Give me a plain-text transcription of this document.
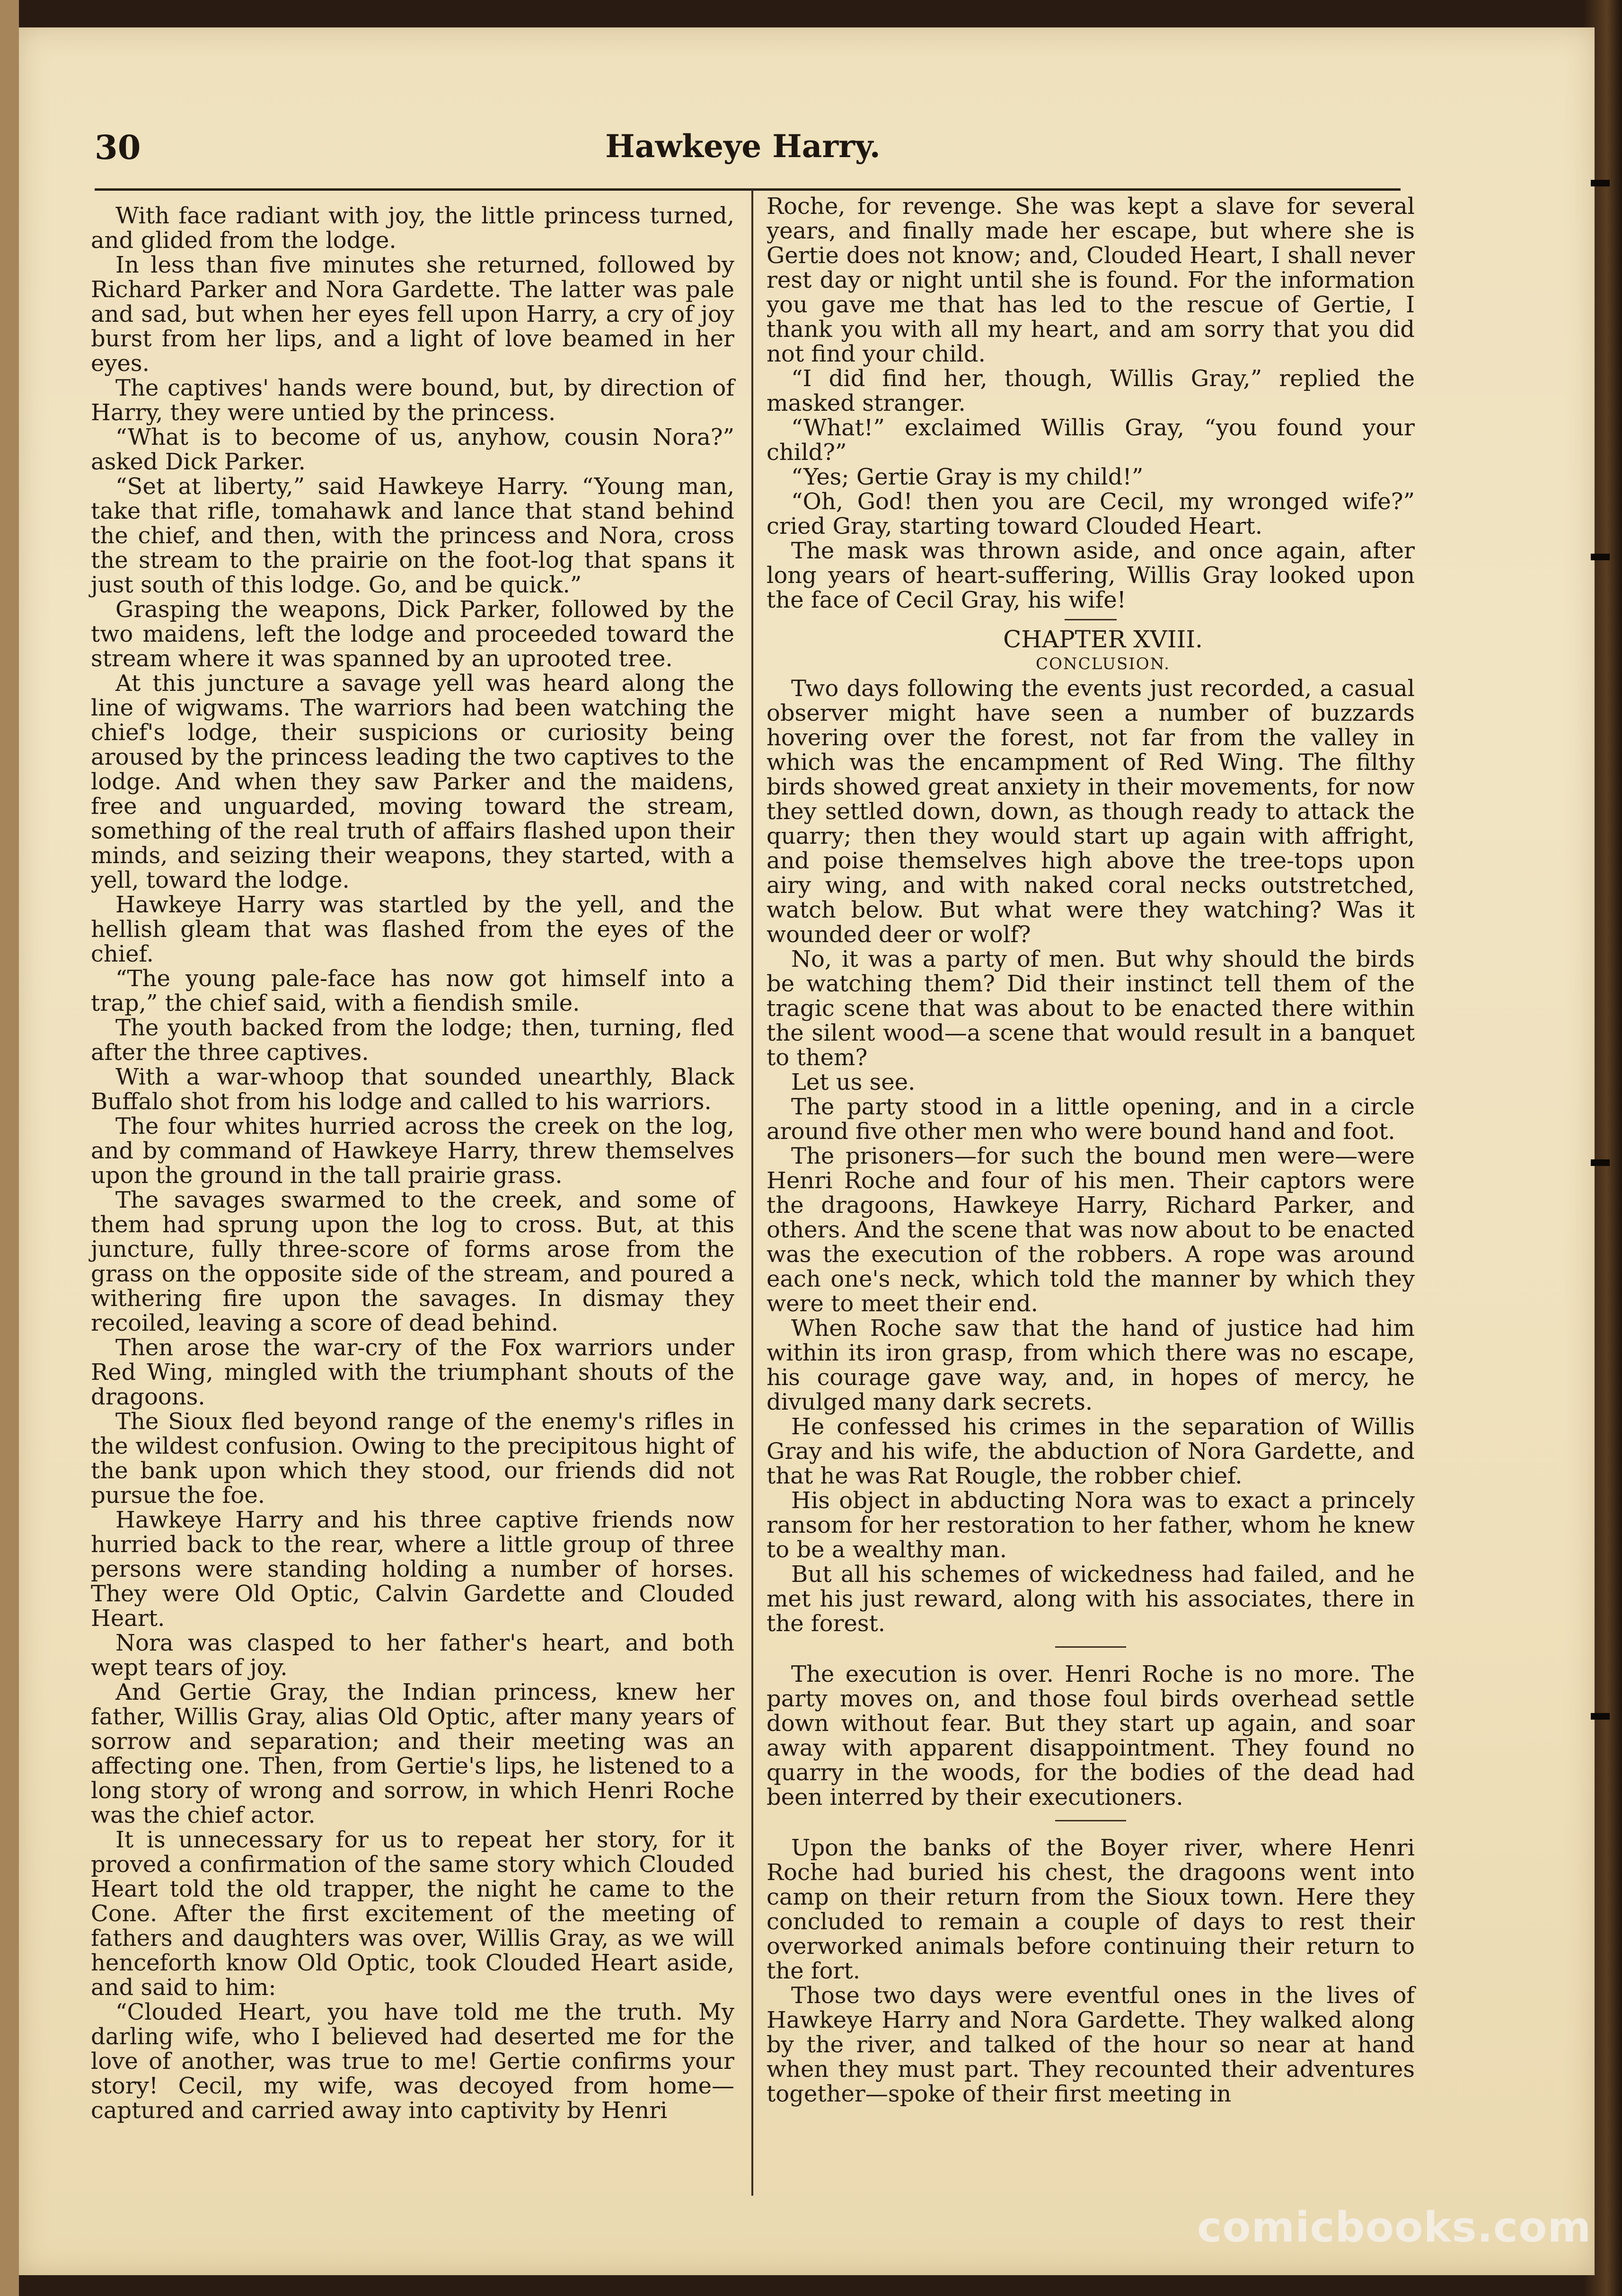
30	Hawkeye Harry.

With face radiant with joy, the little princess turned, and glided from the lodge.

In less than five minutes she returned, followed by Richard Parker and Nora Gardette. The latter was pale and sad, but when her eyes fell upon Harry, a cry of joy burst from her lips, and a light of love beamed in her eyes.

The captives' hands were bound, but, by direction of Harry, they were untied by the princess.

“What is to become of us, anyhow, cousin Nora?” asked Dick Parker.

“Set at liberty,” said Hawkeye Harry. “Young man, take that rifle, tomahawk and lance that stand behind the chief, and then, with the princess and Nora, cross the stream to the prairie on the foot-log that spans it just south of this lodge. Go, and be quick.”

Grasping the weapons, Dick Parker, followed by the two maidens, left the lodge and proceeded toward the stream where it was spanned by an uprooted tree.

At this juncture a savage yell was heard along the line of wigwams. The warriors had been watching the chief's lodge, their suspicions or curiosity being aroused by the princess leading the two captives to the lodge. And when they saw Parker and the maidens, free and unguarded, moving toward the stream, something of the real truth of affairs flashed upon their minds, and seizing their weapons, they started, with a yell, toward the lodge.

Hawkeye Harry was startled by the yell, and the hellish gleam that was flashed from the eyes of the chief.

“The young pale-face has now got himself into a trap,” the chief said, with a fiendish smile.

The youth backed from the lodge; then, turning, fled after the three captives.

With a war-whoop that sounded unearthly, Black Buffalo shot from his lodge and called to his warriors.

The four whites hurried across the creek on the log, and by command of Hawkeye Harry, threw themselves upon the ground in the tall prairie grass.

The savages swarmed to the creek, and some of them had sprung upon the log to cross. But, at this juncture, fully three-score of forms arose from the grass on the opposite side of the stream, and poured a withering fire upon the savages. In dismay they recoiled, leaving a score of dead behind.

Then arose the war-cry of the Fox warriors under Red Wing, mingled with the triumphant shouts of the dragoons.

The Sioux fled beyond range of the enemy's rifles in the wildest confusion. Owing to the precipitous hight of the bank upon which they stood, our friends did not pursue the foe.

Hawkeye Harry and his three captive friends now hurried back to the rear, where a little group of three persons were standing holding a number of horses. They were Old Optic, Calvin Gardette and Clouded Heart.

Nora was clasped to her father's heart, and both wept tears of joy.

And Gertie Gray, the Indian princess, knew her father, Willis Gray, alias Old Optic, after many years of sorrow and separation; and their meeting was an affecting one. Then, from Gertie's lips, he listened to a long story of wrong and sorrow, in which Henri Roche was the chief actor.

It is unnecessary for us to repeat her story, for it proved a confirmation of the same story which Clouded Heart told the old trapper, the night he came to the Cone. After the first excitement of the meeting of fathers and daughters was over, Willis Gray, as we will henceforth know Old Optic, took Clouded Heart aside, and said to him:

“Clouded Heart, you have told me the truth. My darling wife, who I believed had deserted me for the love of another, was true to me! Gertie confirms your story! Cecil, my wife, was decoyed from home—captured and carried away into captivity by Henri

Roche, for revenge. She was kept a slave for several years, and finally made her escape, but where she is Gertie does not know; and, Clouded Heart, I shall never rest day or night until she is found. For the information you gave me that has led to the rescue of Gertie, I thank you with all my heart, and am sorry that you did not find your child.

“I did find her, though, Willis Gray,” replied the masked stranger.

“What!” exclaimed Willis Gray, “you found your child?”

“Yes; Gertie Gray is my child!”

“Oh, God! then you are Cecil, my wronged wife?” cried Gray, starting toward Clouded Heart.

The mask was thrown aside, and once again, after long years of heart-suffering, Willis Gray looked upon the face of Cecil Gray, his wife!

CHAPTER XVIII.

CONCLUSION.

Two days following the events just recorded, a casual observer might have seen a number of buzzards hovering over the forest, not far from the valley in which was the encampment of Red Wing. The filthy birds showed great anxiety in their movements, for now they settled down, down, as though ready to attack the quarry; then they would start up again with affright, and poise themselves high above the tree-tops upon airy wing, and with naked coral necks outstretched, watch below. But what were they watching? Was it wounded deer or wolf?

No, it was a party of men. But why should the birds be watching them? Did their instinct tell them of the tragic scene that was about to be enacted there within the silent wood—a scene that would result in a banquet to them?

Let us see.

The party stood in a little opening, and in a circle around five other men who were bound hand and foot.

The prisoners—for such the bound men were—were Henri Roche and four of his men. Their captors were the dragoons, Hawkeye Harry, Richard Parker, and others. And the scene that was now about to be enacted was the execution of the robbers. A rope was around each one's neck, which told the manner by which they were to meet their end.

When Roche saw that the hand of justice had him within its iron grasp, from which there was no escape, his courage gave way, and, in hopes of mercy, he divulged many dark secrets.

He confessed his crimes in the separation of Willis Gray and his wife, the abduction of Nora Gardette, and that he was Rat Rougle, the robber chief.

His object in abducting Nora was to exact a princely ransom for her restoration to her father, whom he knew to be a wealthy man.

But all his schemes of wickedness had failed, and he met his just reward, along with his associates, there in the forest.

The execution is over. Henri Roche is no more. The party moves on, and those foul birds overhead settle down without fear. But they start up again, and soar away with apparent disappointment. They found no quarry in the woods, for the bodies of the dead had been interred by their executioners.

Upon the banks of the Boyer river, where Henri Roche had buried his chest, the dragoons went into camp on their return from the Sioux town. Here they concluded to remain a couple of days to rest their overworked animals before continuing their return to the fort.

Those two days were eventful ones in the lives of Hawkeye Harry and Nora Gardette. They walked along by the river, and talked of the hour so near at hand when they must part. They recounted their adventures together—spoke of their first meeting in

comicbooks.com
